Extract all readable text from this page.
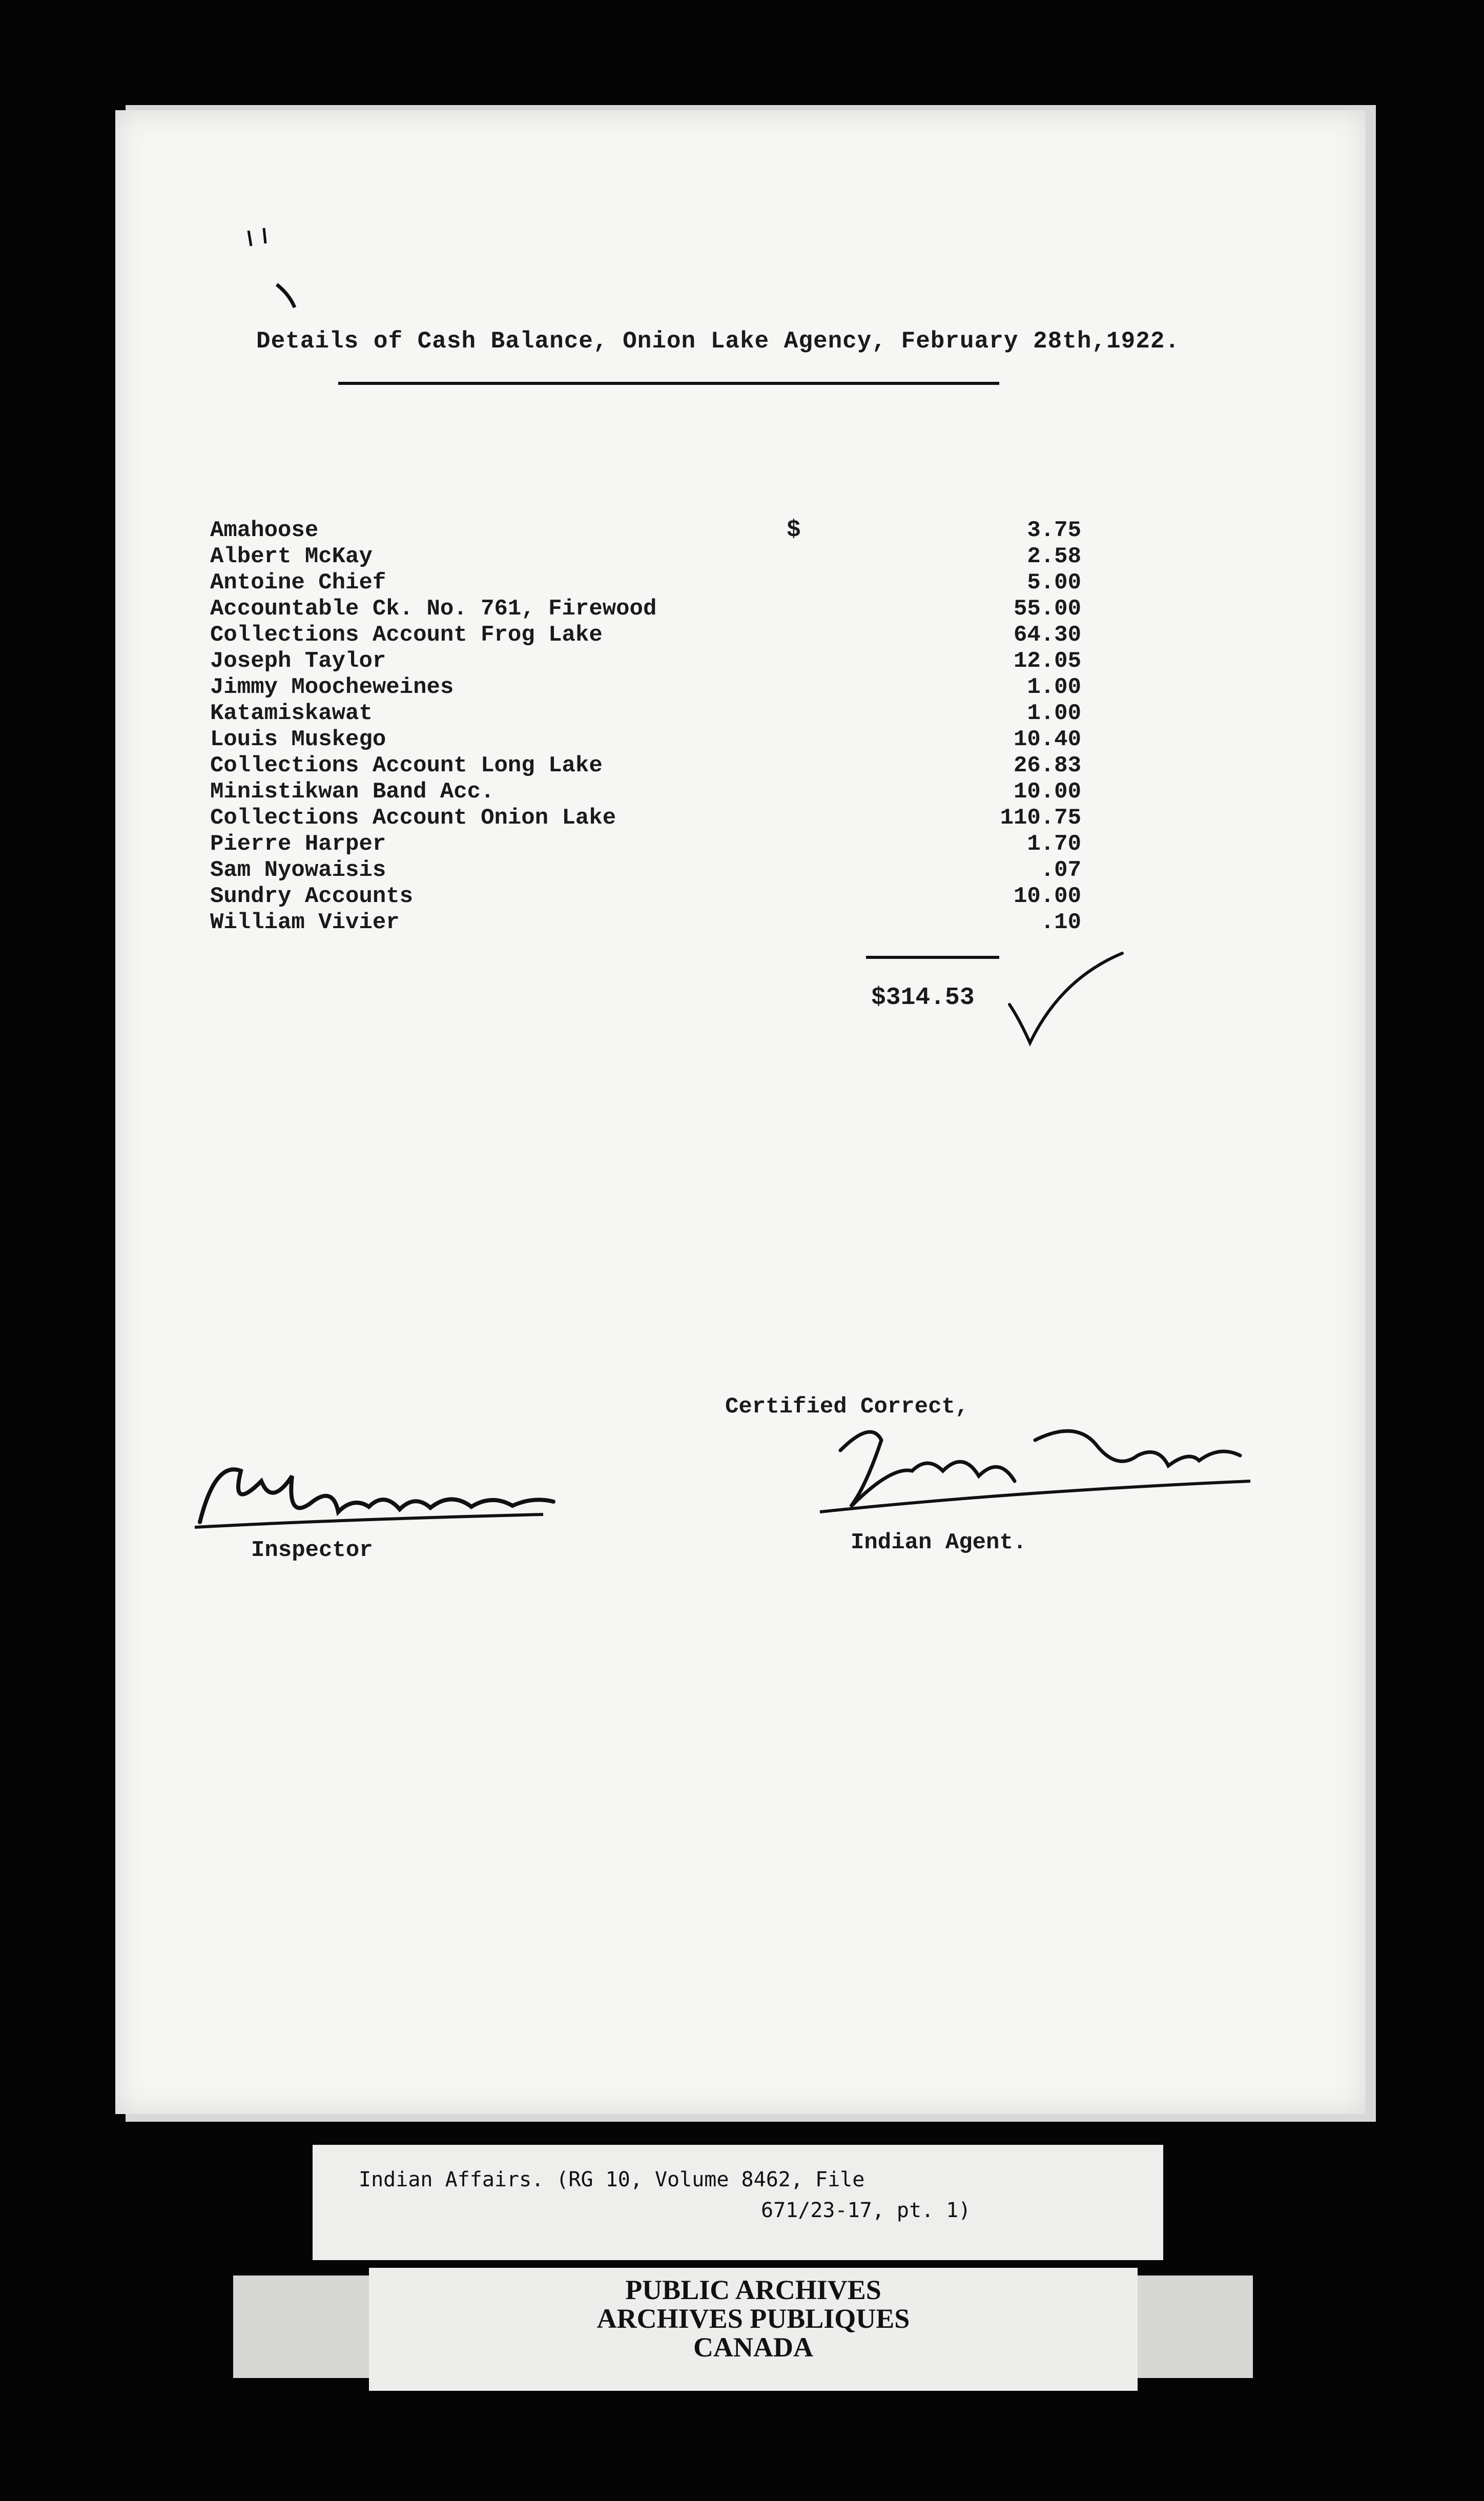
Details of Cash Balance, Onion Lake Agency, February 28th,1922.
$
Amahoose	3.75
Albert McKay	2.58
Antoine Chief	5.00
Accountable Ck. No. 761, Firewood	55.00
Collections Account Frog Lake	64.30
Joseph Taylor	12.05
Jimmy Moocheweines	1.00
Katamiskawat	1.00
Louis Muskego	10.40
Collections Account Long Lake	26.83
Ministikwan Band Acc.	10.00
Collections Account Onion Lake	110.75
Pierre Harper	1.70
Sam Nyowaisis	.07
Sundry Accounts	10.00
William Vivier	.10
$314.53
Certified Correct,
Inspector	Indian Agent.
Indian Affairs. (RG 10, Volume 8462, File
671/23-17, pt. 1)
PUBLIC ARCHIVES
ARCHIVES PUBLIQUES
CANADA
